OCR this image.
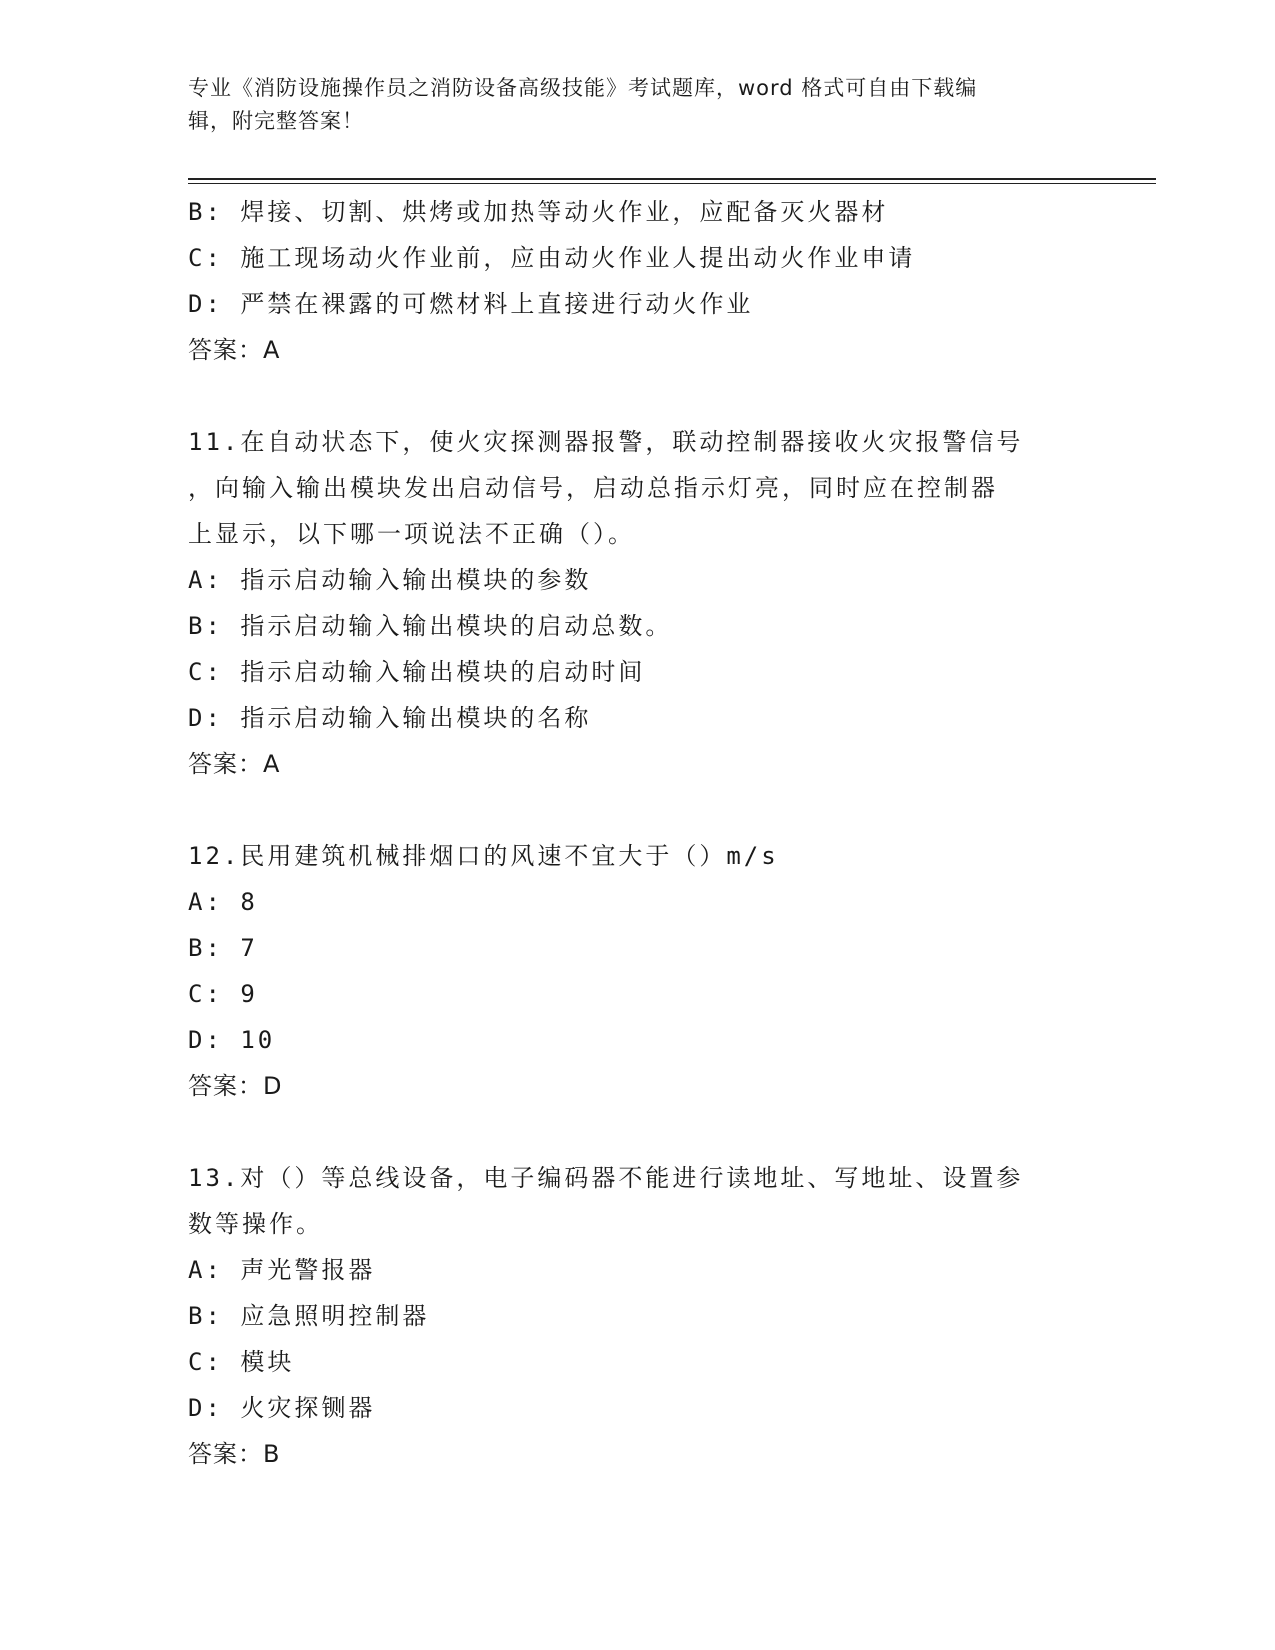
专业《消防设施操作员之消防设备高级技能》考试题库，word 格式可自由下载编
辑，附完整答案！
B: 焊接、切割、烘烤或加热等动火作业，应配备灭火器材
C: 施工现场动火作业前，应由动火作业人提出动火作业申请
D: 严禁在裸露的可燃材料上直接进行动火作业
答案：A
11.在自动状态下，使火灾探测器报警，联动控制器接收火灾报警信号
，向输入输出模块发出启动信号，启动总指示灯亮，同时应在控制器
上显示，以下哪一项说法不正确（）。
A: 指示启动输入输出模块的参数
B: 指示启动输入输出模块的启动总数。
C: 指示启动输入输出模块的启动时间
D: 指示启动输入输出模块的名称
答案：A
12.民用建筑机械排烟口的风速不宜大于（）m/s
A: 8
B: 7
C: 9
D: 10
答案：D
13.对（）等总线设备，电子编码器不能进行读地址、写地址、设置参
数等操作。
A: 声光警报器
B: 应急照明控制器
C: 模块
D: 火灾探铡器
答案：B
